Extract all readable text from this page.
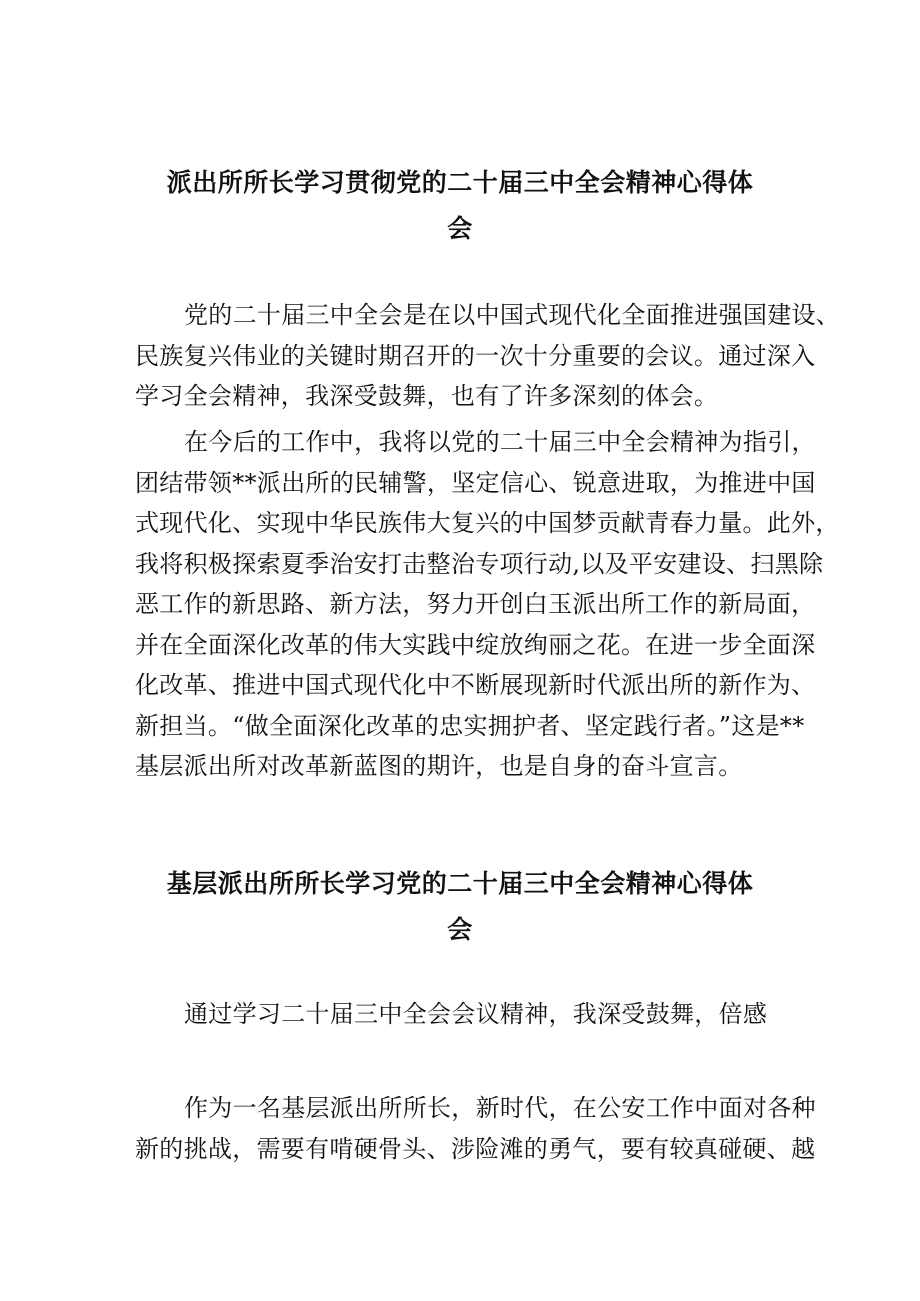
派出所所长学习贯彻党的二十届三中全会精神心得体
会
党的二十届三中全会是在以中国式现代化全面推进强国建设、
民族复兴伟业的关键时期召开的一次十分重要的会议。通过深入
学习全会精神，我深受鼓舞，也有了许多深刻的体会。
在今后的工作中，我将以党的二十届三中全会精神为指引，
团结带领**派出所的民辅警，坚定信心、锐意进取，为推进中国
式现代化、实现中华民族伟大复兴的中国梦贡献青春力量。此外，
我将积极探索夏季治安打击整治专项行动,以及平安建设、扫黑除
恶工作的新思路、新方法，努力开创白玉派出所工作的新局面，
并在全面深化改革的伟大实践中绽放绚丽之花。在进一步全面深
化改革、推进中国式现代化中不断展现新时代派出所的新作为、
新担当。“做全面深化改革的忠实拥护者、坚定践行者。”这是**
基层派出所对改革新蓝图的期许，也是自身的奋斗宣言。
基层派出所所长学习党的二十届三中全会精神心得体
会
通过学习二十届三中全会会议精神，我深受鼓舞，倍感
作为一名基层派出所所长，新时代，在公安工作中面对各种
新的挑战，需要有啃硬骨头、涉险滩的勇气，要有较真碰硬、越
